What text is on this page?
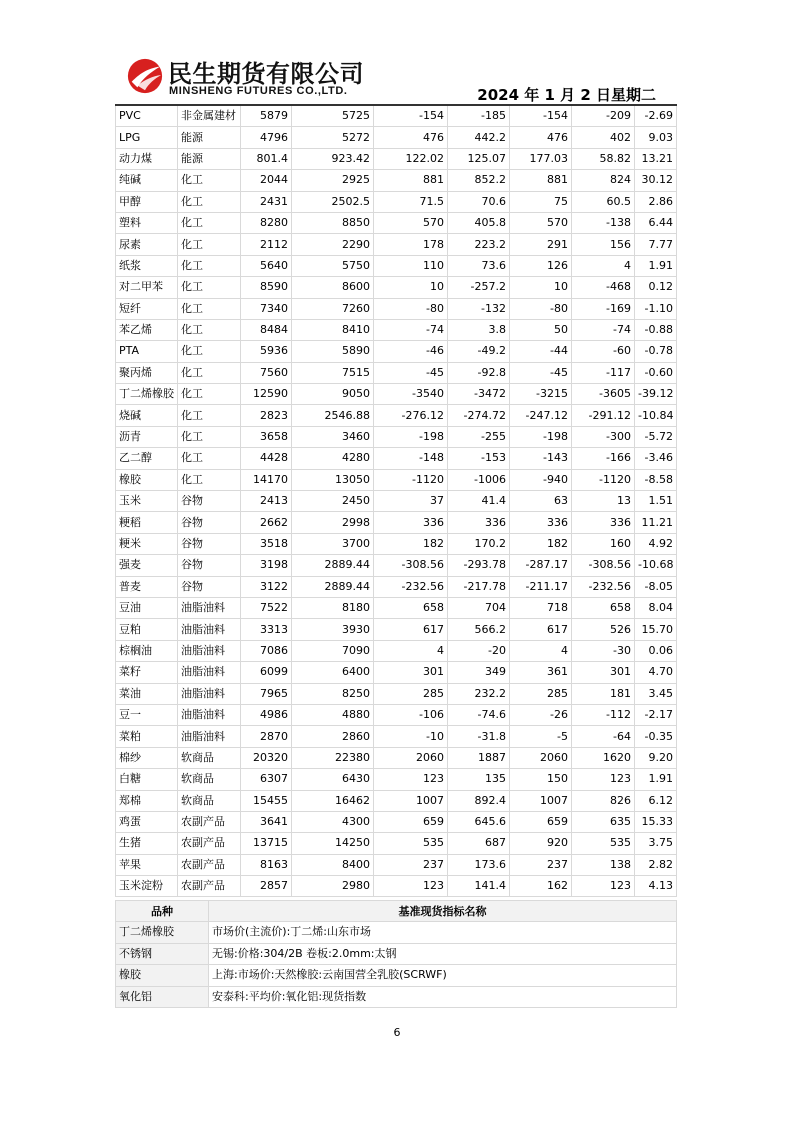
民生期货有限公司
MINSHENG FUTURES CO.,LTD.	2024 年 1 月 2 日星期二
PVC	非金属建材	5879	5725	-154	-185	-154	-209	-2.69
LPG	能源	4796	5272	476	442.2	476	402	9.03
动力煤	能源	801.4	923.42	122.02	125.07	177.03	58.82	13.21
纯碱	化工	2044	2925	881	852.2	881	824	30.12
甲醇	化工	2431	2502.5	71.5	70.6	75	60.5	2.86
塑料	化工	8280	8850	570	405.8	570	-138	6.44
尿素	化工	2112	2290	178	223.2	291	156	7.77
纸浆	化工	5640	5750	110	73.6	126	4	1.91
对二甲苯	化工	8590	8600	10	-257.2	10	-468	0.12
短纤	化工	7340	7260	-80	-132	-80	-169	-1.10
苯乙烯	化工	8484	8410	-74	3.8	50	-74	-0.88
PTA	化工	5936	5890	-46	-49.2	-44	-60	-0.78
聚丙烯	化工	7560	7515	-45	-92.8	-45	-117	-0.60
丁二烯橡胶	化工	12590	9050	-3540	-3472	-3215	-3605	-39.12
烧碱	化工	2823	2546.88	-276.12	-274.72	-247.12	-291.12	-10.84
沥青	化工	3658	3460	-198	-255	-198	-300	-5.72
乙二醇	化工	4428	4280	-148	-153	-143	-166	-3.46
橡胶	化工	14170	13050	-1120	-1006	-940	-1120	-8.58
玉米	谷物	2413	2450	37	41.4	63	13	1.51
粳稻	谷物	2662	2998	336	336	336	336	11.21
粳米	谷物	3518	3700	182	170.2	182	160	4.92
强麦	谷物	3198	2889.44	-308.56	-293.78	-287.17	-308.56	-10.68
普麦	谷物	3122	2889.44	-232.56	-217.78	-211.17	-232.56	-8.05
豆油	油脂油料	7522	8180	658	704	718	658	8.04
豆粕	油脂油料	3313	3930	617	566.2	617	526	15.70
棕榈油	油脂油料	7086	7090	4	-20	4	-30	0.06
菜籽	油脂油料	6099	6400	301	349	361	301	4.70
菜油	油脂油料	7965	8250	285	232.2	285	181	3.45
豆一	油脂油料	4986	4880	-106	-74.6	-26	-112	-2.17
菜粕	油脂油料	2870	2860	-10	-31.8	-5	-64	-0.35
棉纱	软商品	20320	22380	2060	1887	2060	1620	9.20
白糖	软商品	6307	6430	123	135	150	123	1.91
郑棉	软商品	15455	16462	1007	892.4	1007	826	6.12
鸡蛋	农副产品	3641	4300	659	645.6	659	635	15.33
生猪	农副产品	13715	14250	535	687	920	535	3.75
苹果	农副产品	8163	8400	237	173.6	237	138	2.82
玉米淀粉	农副产品	2857	2980	123	141.4	162	123	4.13
品种	基准现货指标名称
丁二烯橡胶	市场价(主流价):丁二烯:山东市场
不锈钢	无锡:价格:304/2B 卷板:2.0mm:太钢
橡胶	上海:市场价:天然橡胶:云南国营全乳胶(SCRWF)
氧化铝	安泰科:平均价:氧化铝:现货指数
6
